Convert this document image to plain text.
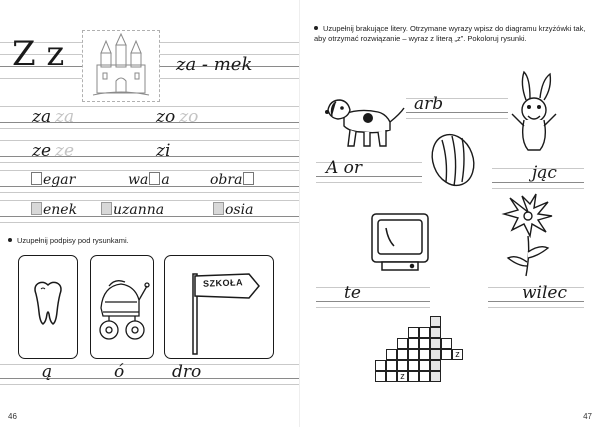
Z z	za - mek
za za	zo zo
ze ze	zi
egar	wa a	obra
enek	uzanna	osia
Uzupełnij podpisy pod rysunkami.
SZKOŁA
ą	ó	dro
46
Uzupełnij brakujące litery. Otrzymane wyrazy wpisz do diagramu krzyżówki tak, aby otrzymać rozwiązanie – wyraz z literą „z”. Pokoloruj rysunki.
arb
A or	jąc
te	wilec
z
z
47
